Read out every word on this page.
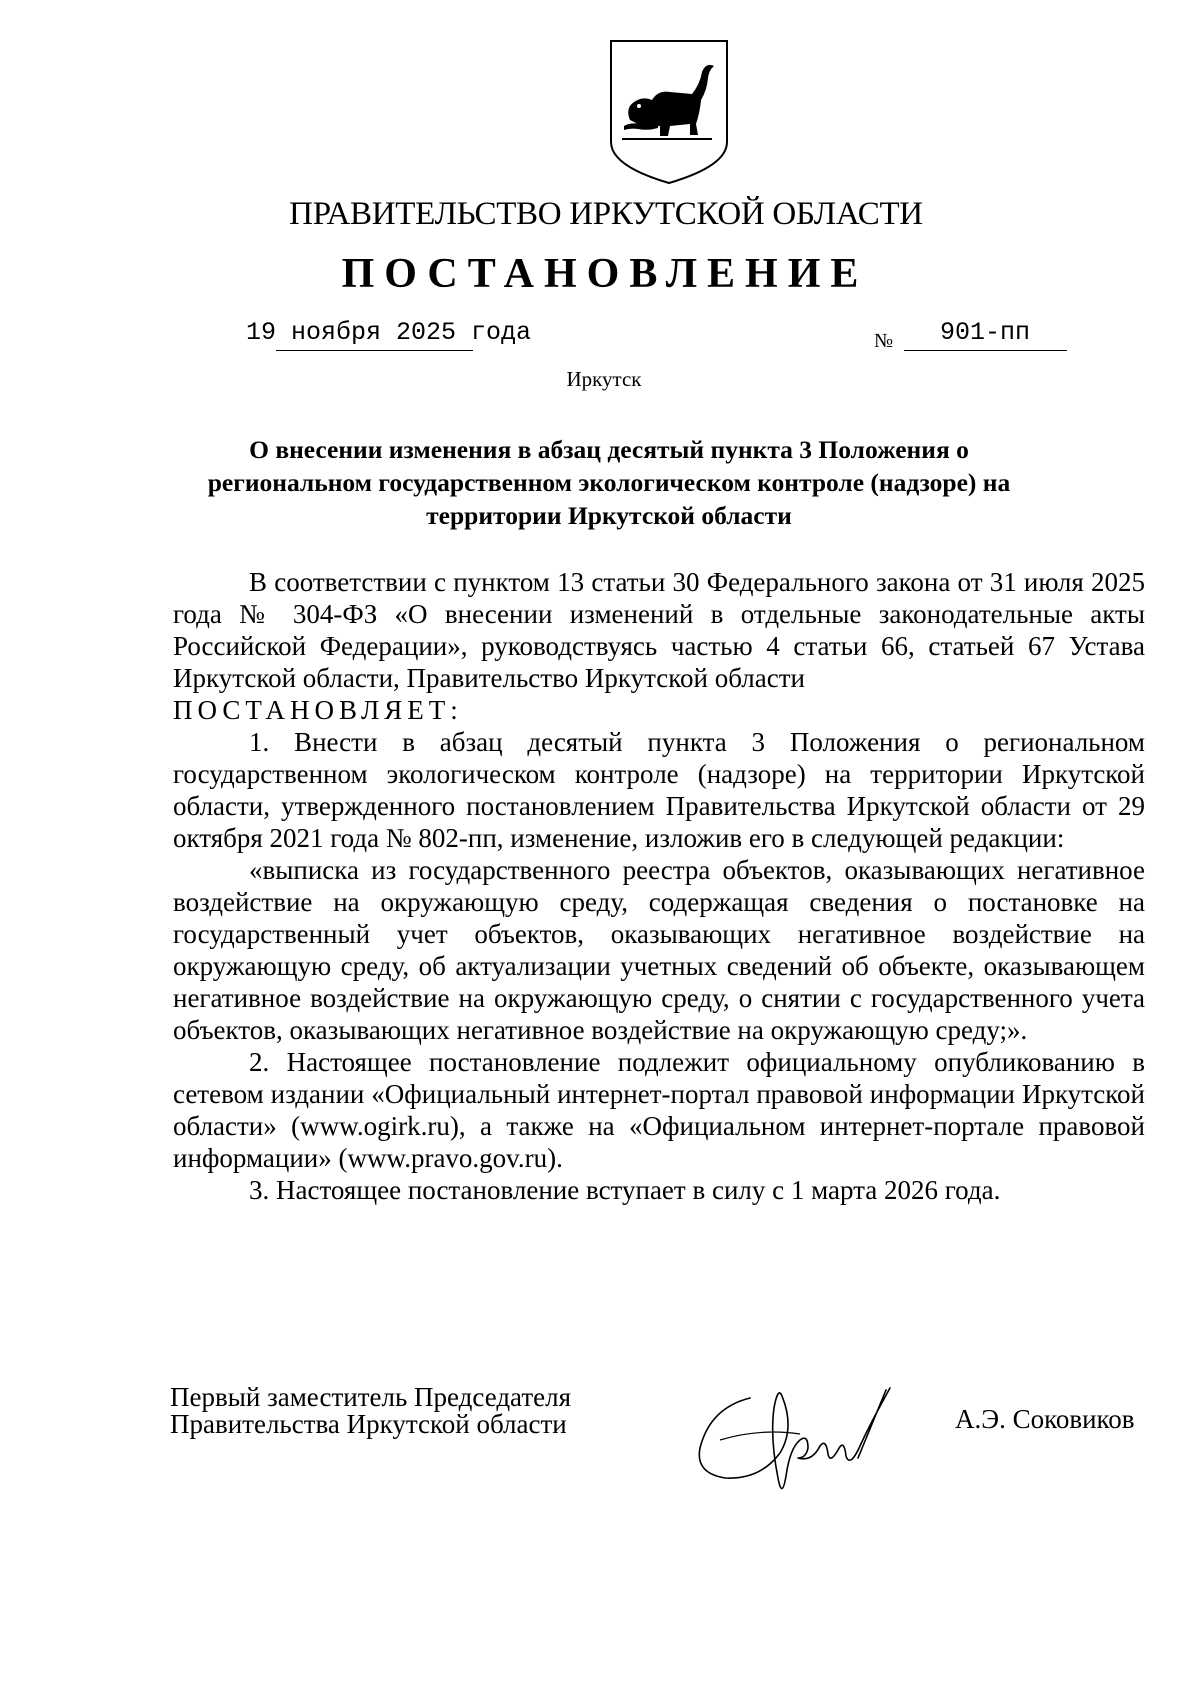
ПРАВИТЕЛЬСТВО ИРКУТСКОЙ ОБЛАСТИ
ПОСТАНОВЛЕНИЕ
19 ноября 2025 года	№ 901-пп
Иркутск
О внесении изменения в абзац десятый пункта 3 Положения о региональном государственном экологическом контроле (надзоре) на территории Иркутской области

В соответствии с пунктом 13 статьи 30 Федерального закона от 31 июля 2025 года № 304-ФЗ «О внесении изменений в отдельные законодательные акты Российской Федерации», руководствуясь частью 4 статьи 66, статьей 67 Устава Иркутской области, Правительство Иркутской области

ПОСТАНОВЛЯЕТ:

1. Внести в абзац десятый пункта 3 Положения о региональном государственном экологическом контроле (надзоре) на территории Иркутской области, утвержденного постановлением Правительства Иркутской области от 29 октября 2021 года № 802-пп, изменение, изложив его в следующей редакции:

«выписка из государственного реестра объектов, оказывающих негативное воздействие на окружающую среду, содержащая сведения о постановке на государственный учет объектов, оказывающих негативное воздействие на окружающую среду, об актуализации учетных сведений об объекте, оказывающем негативное воздействие на окружающую среду, о снятии с государственного учета объектов, оказывающих негативное воздействие на окружающую среду;».

2. Настоящее постановление подлежит официальному опубликованию в сетевом издании «Официальный интернет-портал правовой информации Иркутской области» (www.ogirk.ru), а также на «Официальном интернет-портале правовой информации» (www.pravo.gov.ru).

3. Настоящее постановление вступает в силу с 1 марта 2026 года.

Первый заместитель Председателя
Правительства Иркутской области	А.Э. Соковиков
